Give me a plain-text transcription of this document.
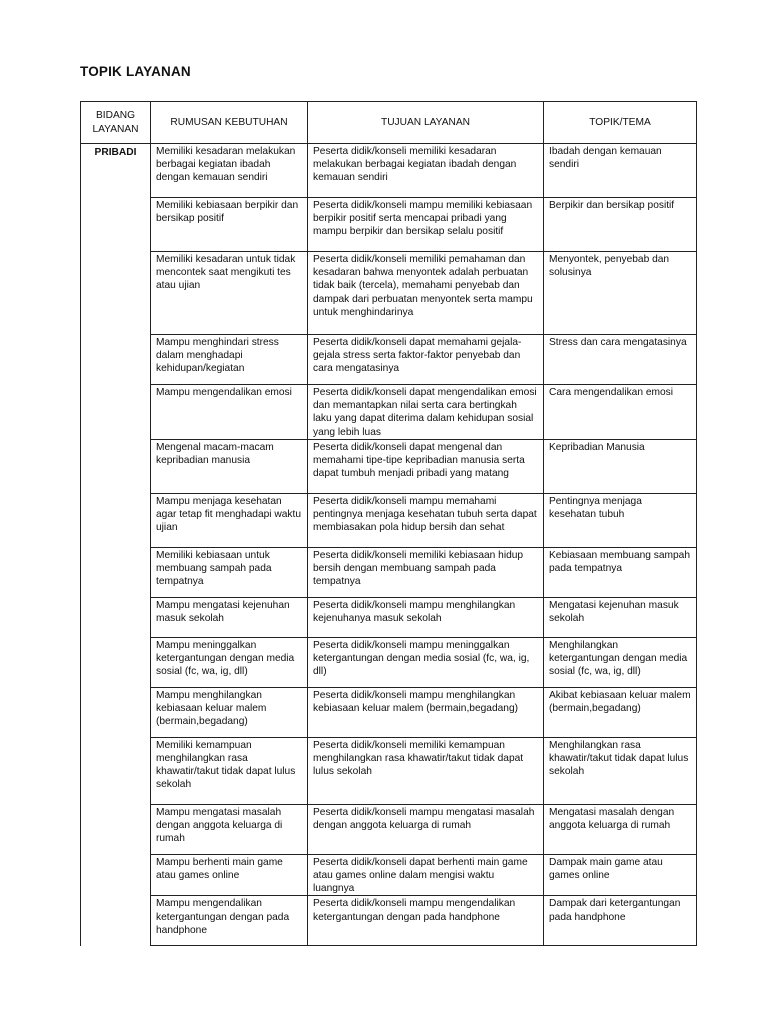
TOPIK LAYANAN
BIDANG LAYANAN	RUMUSAN KEBUTUHAN	TUJUAN LAYANAN	TOPIK/TEMA
PRIBADI	Memiliki kesadaran melakukan berbagai kegiatan ibadah dengan kemauan sendiri	Peserta didik/konseli memiliki kesadaran melakukan berbagai kegiatan ibadah dengan kemauan sendiri	Ibadah dengan kemauan sendiri
	Memiliki kebiasaan berpikir dan bersikap positif	Peserta didik/konseli mampu memiliki kebiasaan berpikir positif serta mencapai pribadi yang mampu berpikir dan bersikap selalu positif	Berpikir dan bersikap positif
	Memiliki kesadaran untuk tidak mencontek saat mengikuti tes atau ujian	Peserta didik/konseli memiliki pemahaman dan kesadaran bahwa menyontek adalah perbuatan tidak baik (tercela), memahami penyebab dan dampak dari perbuatan menyontek serta mampu untuk menghindarinya	Menyontek, penyebab dan solusinya
	Mampu menghindari stress dalam menghadapi kehidupan/kegiatan	Peserta didik/konseli dapat memahami gejala-gejala stress serta faktor-faktor penyebab dan cara mengatasinya	Stress dan cara mengatasinya
	Mampu mengendalikan emosi	Peserta didik/konseli dapat mengendalikan emosi dan memantapkan nilai serta cara bertingkah laku yang dapat diterima dalam kehidupan sosial yang lebih luas	Cara mengendalikan emosi
	Mengenal macam-macam kepribadian manusia	Peserta didik/konseli dapat mengenal dan memahami tipe-tipe kepribadian manusia serta dapat tumbuh menjadi pribadi yang matang	Kepribadian Manusia
	Mampu menjaga kesehatan agar tetap fit menghadapi waktu ujian	Peserta didik/konseli mampu memahami pentingnya menjaga kesehatan tubuh serta dapat membiasakan pola hidup bersih dan sehat	Pentingnya menjaga kesehatan tubuh
	Memiliki kebiasaan untuk membuang sampah pada tempatnya	Peserta didik/konseli memiliki kebiasaan hidup bersih dengan membuang sampah pada tempatnya	Kebiasaan membuang sampah pada tempatnya
	Mampu mengatasi kejenuhan masuk sekolah	Peserta didik/konseli mampu menghilangkan kejenuhanya masuk sekolah	Mengatasi kejenuhan masuk sekolah
	Mampu meninggalkan ketergantungan dengan media sosial (fc, wa, ig, dll)	Peserta didik/konseli mampu meninggalkan ketergantungan dengan media sosial (fc, wa, ig, dll)	Menghilangkan ketergantungan dengan media sosial (fc, wa, ig, dll)
	Mampu menghilangkan kebiasaan keluar malem (bermain,begadang)	Peserta didik/konseli mampu menghilangkan kebiasaan keluar malem (bermain,begadang)	Akibat kebiasaan keluar malem (bermain,begadang)
	Memiliki kemampuan menghilangkan rasa khawatir/takut tidak dapat lulus sekolah	Peserta didik/konseli memiliki kemampuan menghilangkan rasa khawatir/takut tidak dapat lulus sekolah	Menghilangkan rasa khawatir/takut tidak dapat lulus sekolah
	Mampu mengatasi masalah dengan anggota keluarga di rumah	Peserta didik/konseli mampu mengatasi masalah dengan anggota keluarga di rumah	Mengatasi masalah dengan anggota keluarga di rumah
	Mampu berhenti main game atau games online	Peserta didik/konseli dapat berhenti main game atau games online dalam mengisi waktu luangnya	Dampak main game atau games online
	Mampu mengendalikan ketergantungan dengan pada handphone	Peserta didik/konseli mampu mengendalikan ketergantungan dengan pada handphone	Dampak dari ketergantungan pada handphone
